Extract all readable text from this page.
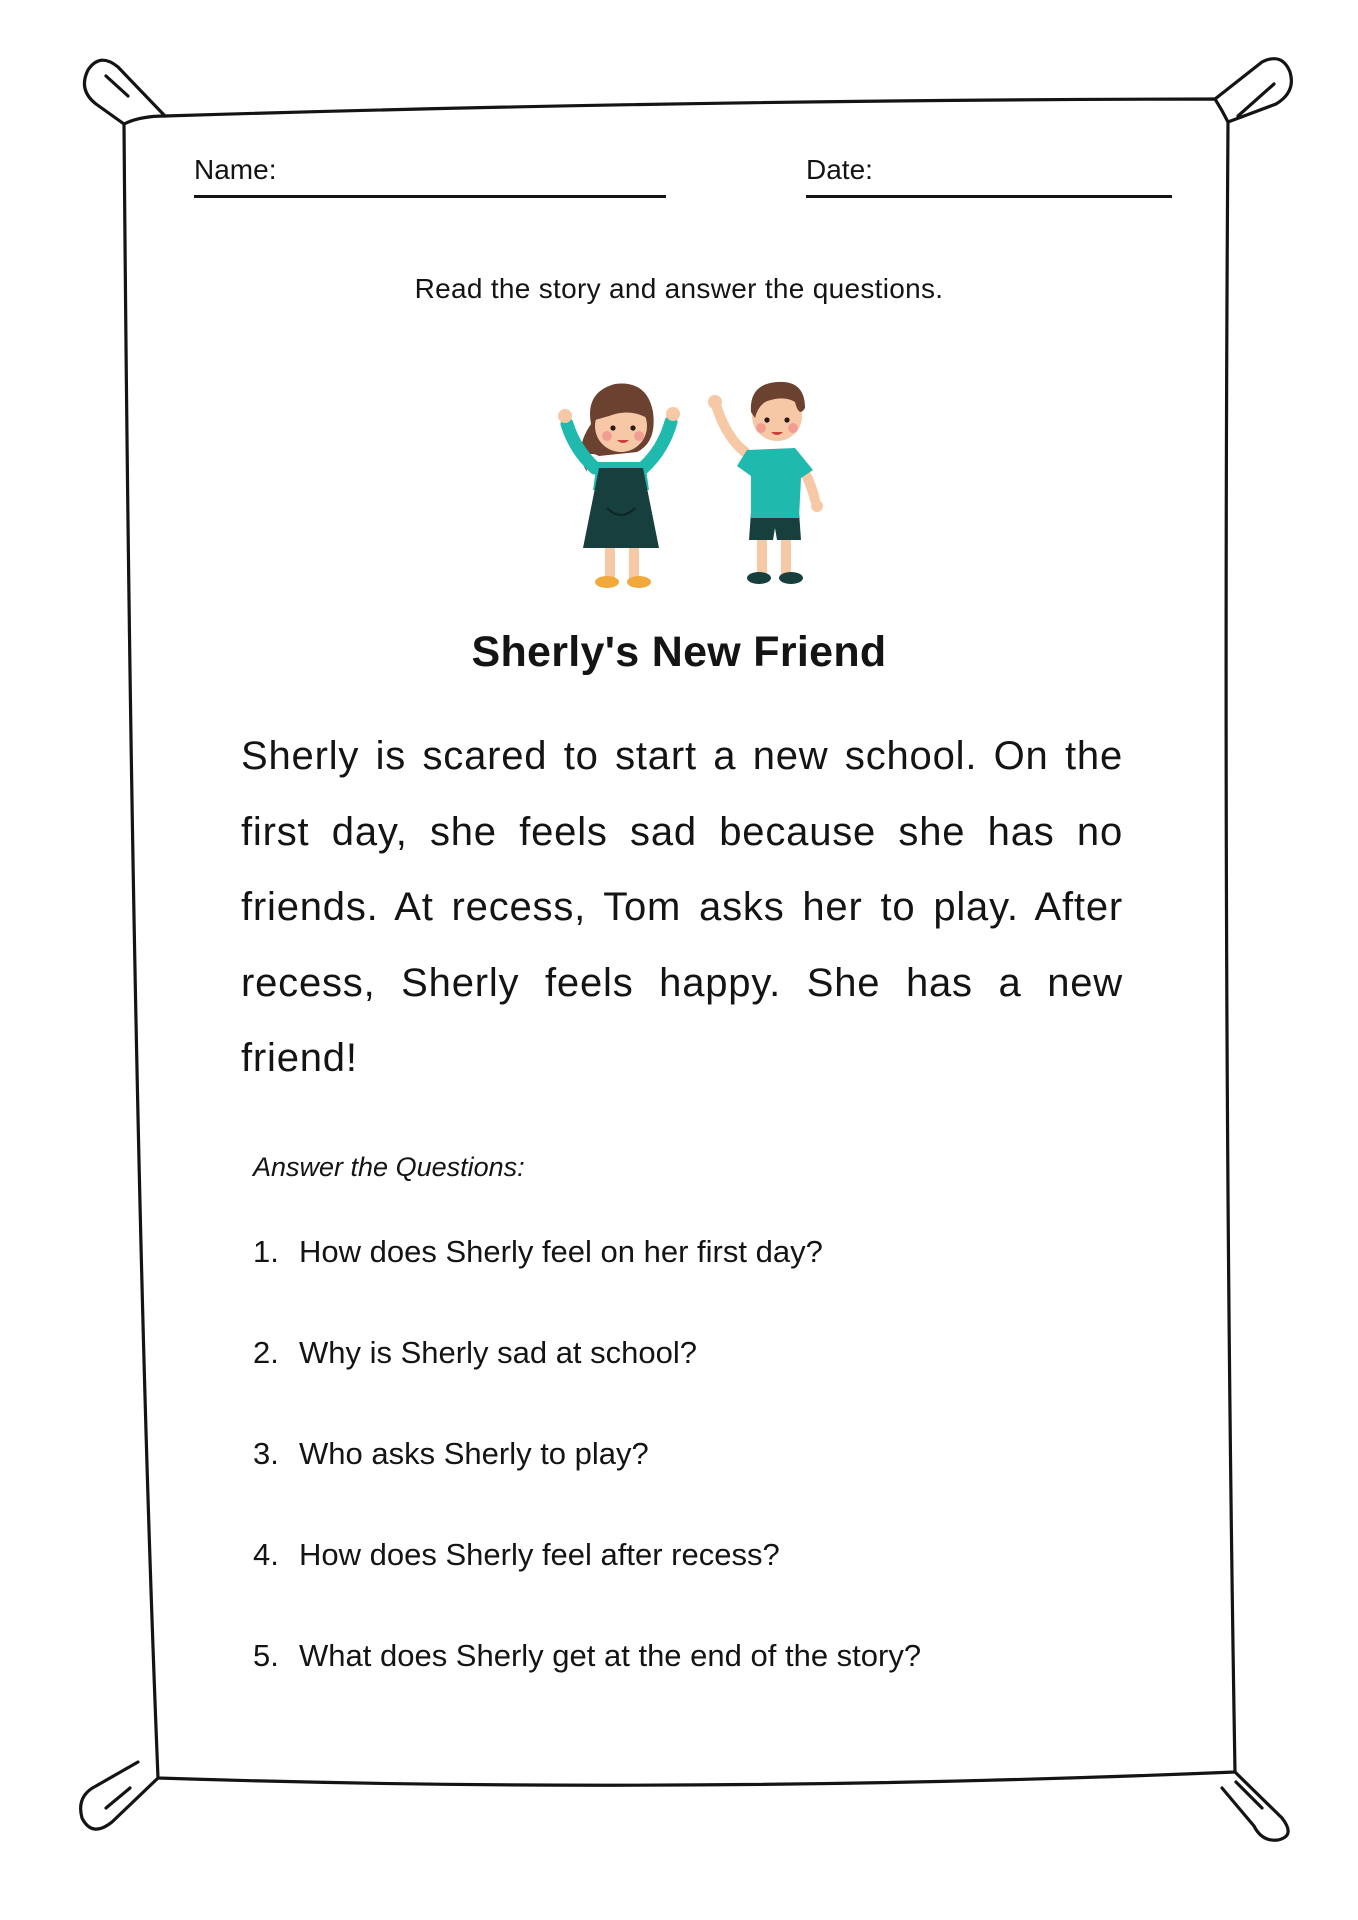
Name:	Date:
Read the story and answer the questions.
Sherly's New Friend

Sherly is scared to start a new school. On the first day, she feels sad because she has no friends. At recess, Tom asks her to play. After recess, Sherly feels happy. She has a new friend!

Answer the Questions:
1. How does Sherly feel on her first day?
2. Why is Sherly sad at school?
3. Who asks Sherly to play?
4. How does Sherly feel after recess?
5. What does Sherly get at the end of the story?
